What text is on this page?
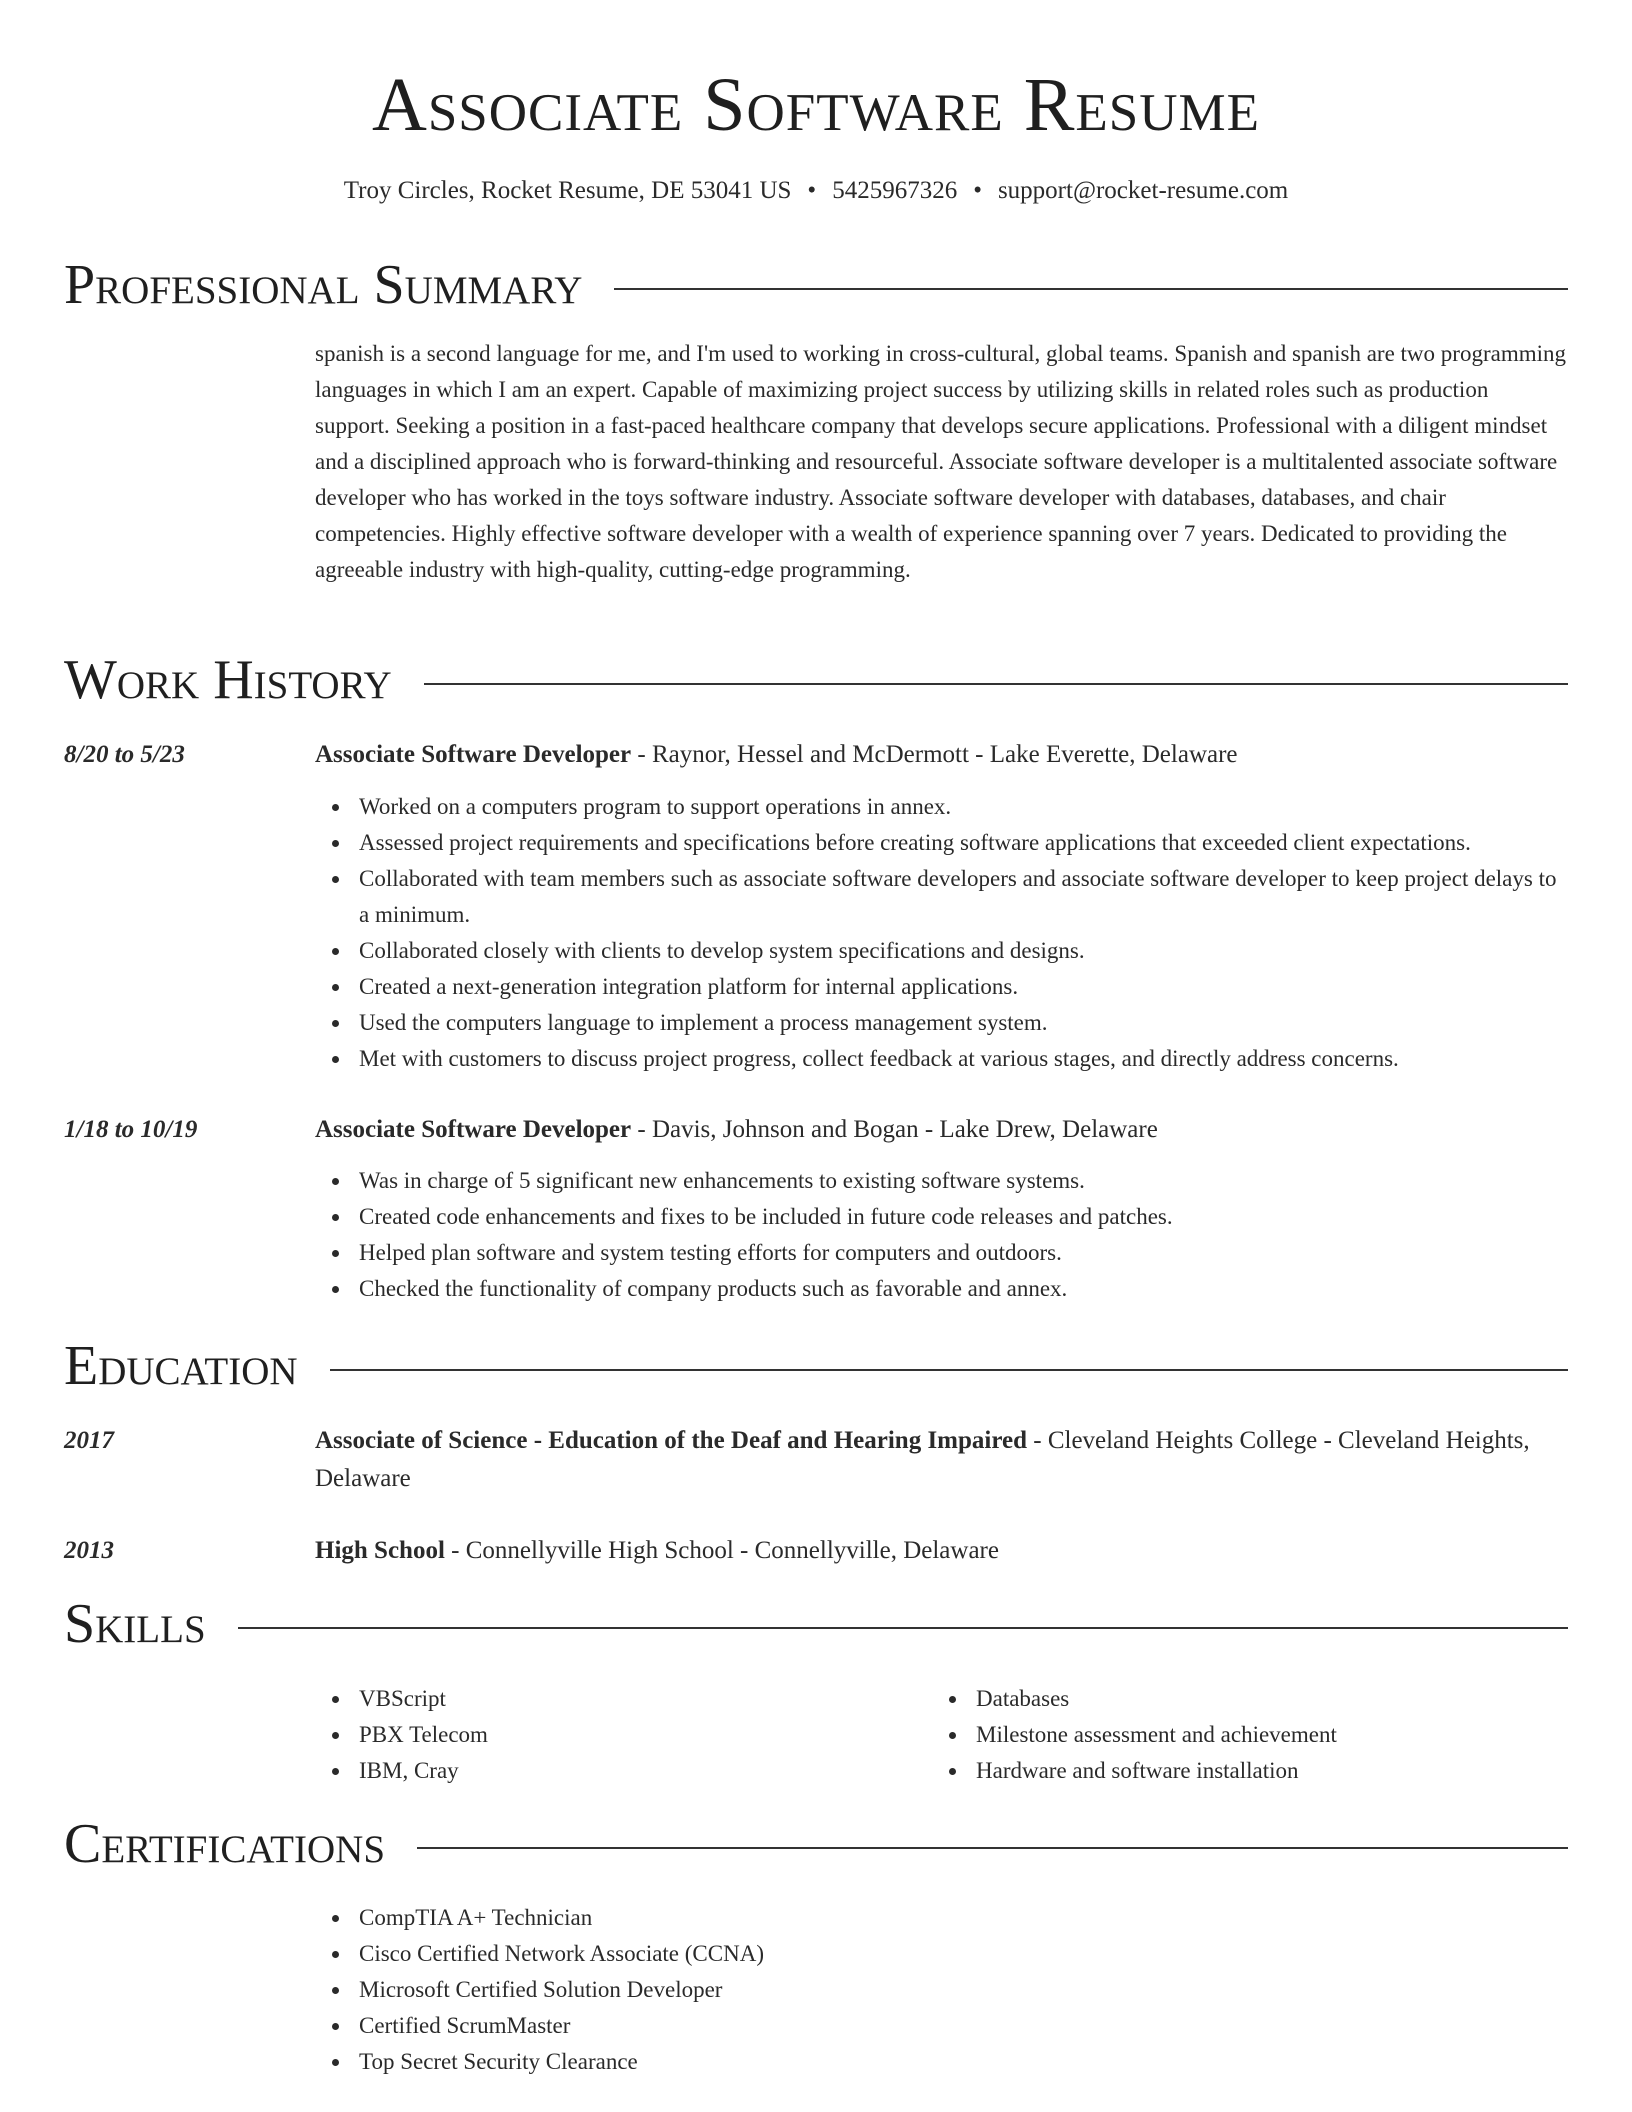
Associate Software Resume
Troy Circles, Rocket Resume, DE 53041 US • 5425967326 • support@rocket-resume.com
Professional Summary
spanish is a second language for me, and I'm used to working in cross-cultural, global teams. Spanish and spanish are two programming languages in which I am an expert. Capable of maximizing project success by utilizing skills in related roles such as production support. Seeking a position in a fast-paced healthcare company that develops secure applications. Professional with a diligent mindset and a disciplined approach who is forward-thinking and resourceful. Associate software developer is a multitalented associate software developer who has worked in the toys software industry. Associate software developer with databases, databases, and chair competencies. Highly effective software developer with a wealth of experience spanning over 7 years. Dedicated to providing the agreeable industry with high-quality, cutting-edge programming.
Work History
8/20 to 5/23	Associate Software Developer - Raynor, Hessel and McDermott - Lake Everette, Delaware
Worked on a computers program to support operations in annex.
Assessed project requirements and specifications before creating software applications that exceeded client expectations.
Collaborated with team members such as associate software developers and associate software developer to keep project delays to a minimum.
Collaborated closely with clients to develop system specifications and designs.
Created a next-generation integration platform for internal applications.
Used the computers language to implement a process management system.
Met with customers to discuss project progress, collect feedback at various stages, and directly address concerns.
1/18 to 10/19	Associate Software Developer - Davis, Johnson and Bogan - Lake Drew, Delaware
Was in charge of 5 significant new enhancements to existing software systems.
Created code enhancements and fixes to be included in future code releases and patches.
Helped plan software and system testing efforts for computers and outdoors.
Checked the functionality of company products such as favorable and annex.
Education
2017	Associate of Science - Education of the Deaf and Hearing Impaired - Cleveland Heights College - Cleveland Heights, Delaware
2013	High School - Connellyville High School - Connellyville, Delaware
Skills
VBScript
PBX Telecom
IBM, Cray
Databases
Milestone assessment and achievement
Hardware and software installation
Certifications
CompTIA A+ Technician
Cisco Certified Network Associate (CCNA)
Microsoft Certified Solution Developer
Certified ScrumMaster
Top Secret Security Clearance
